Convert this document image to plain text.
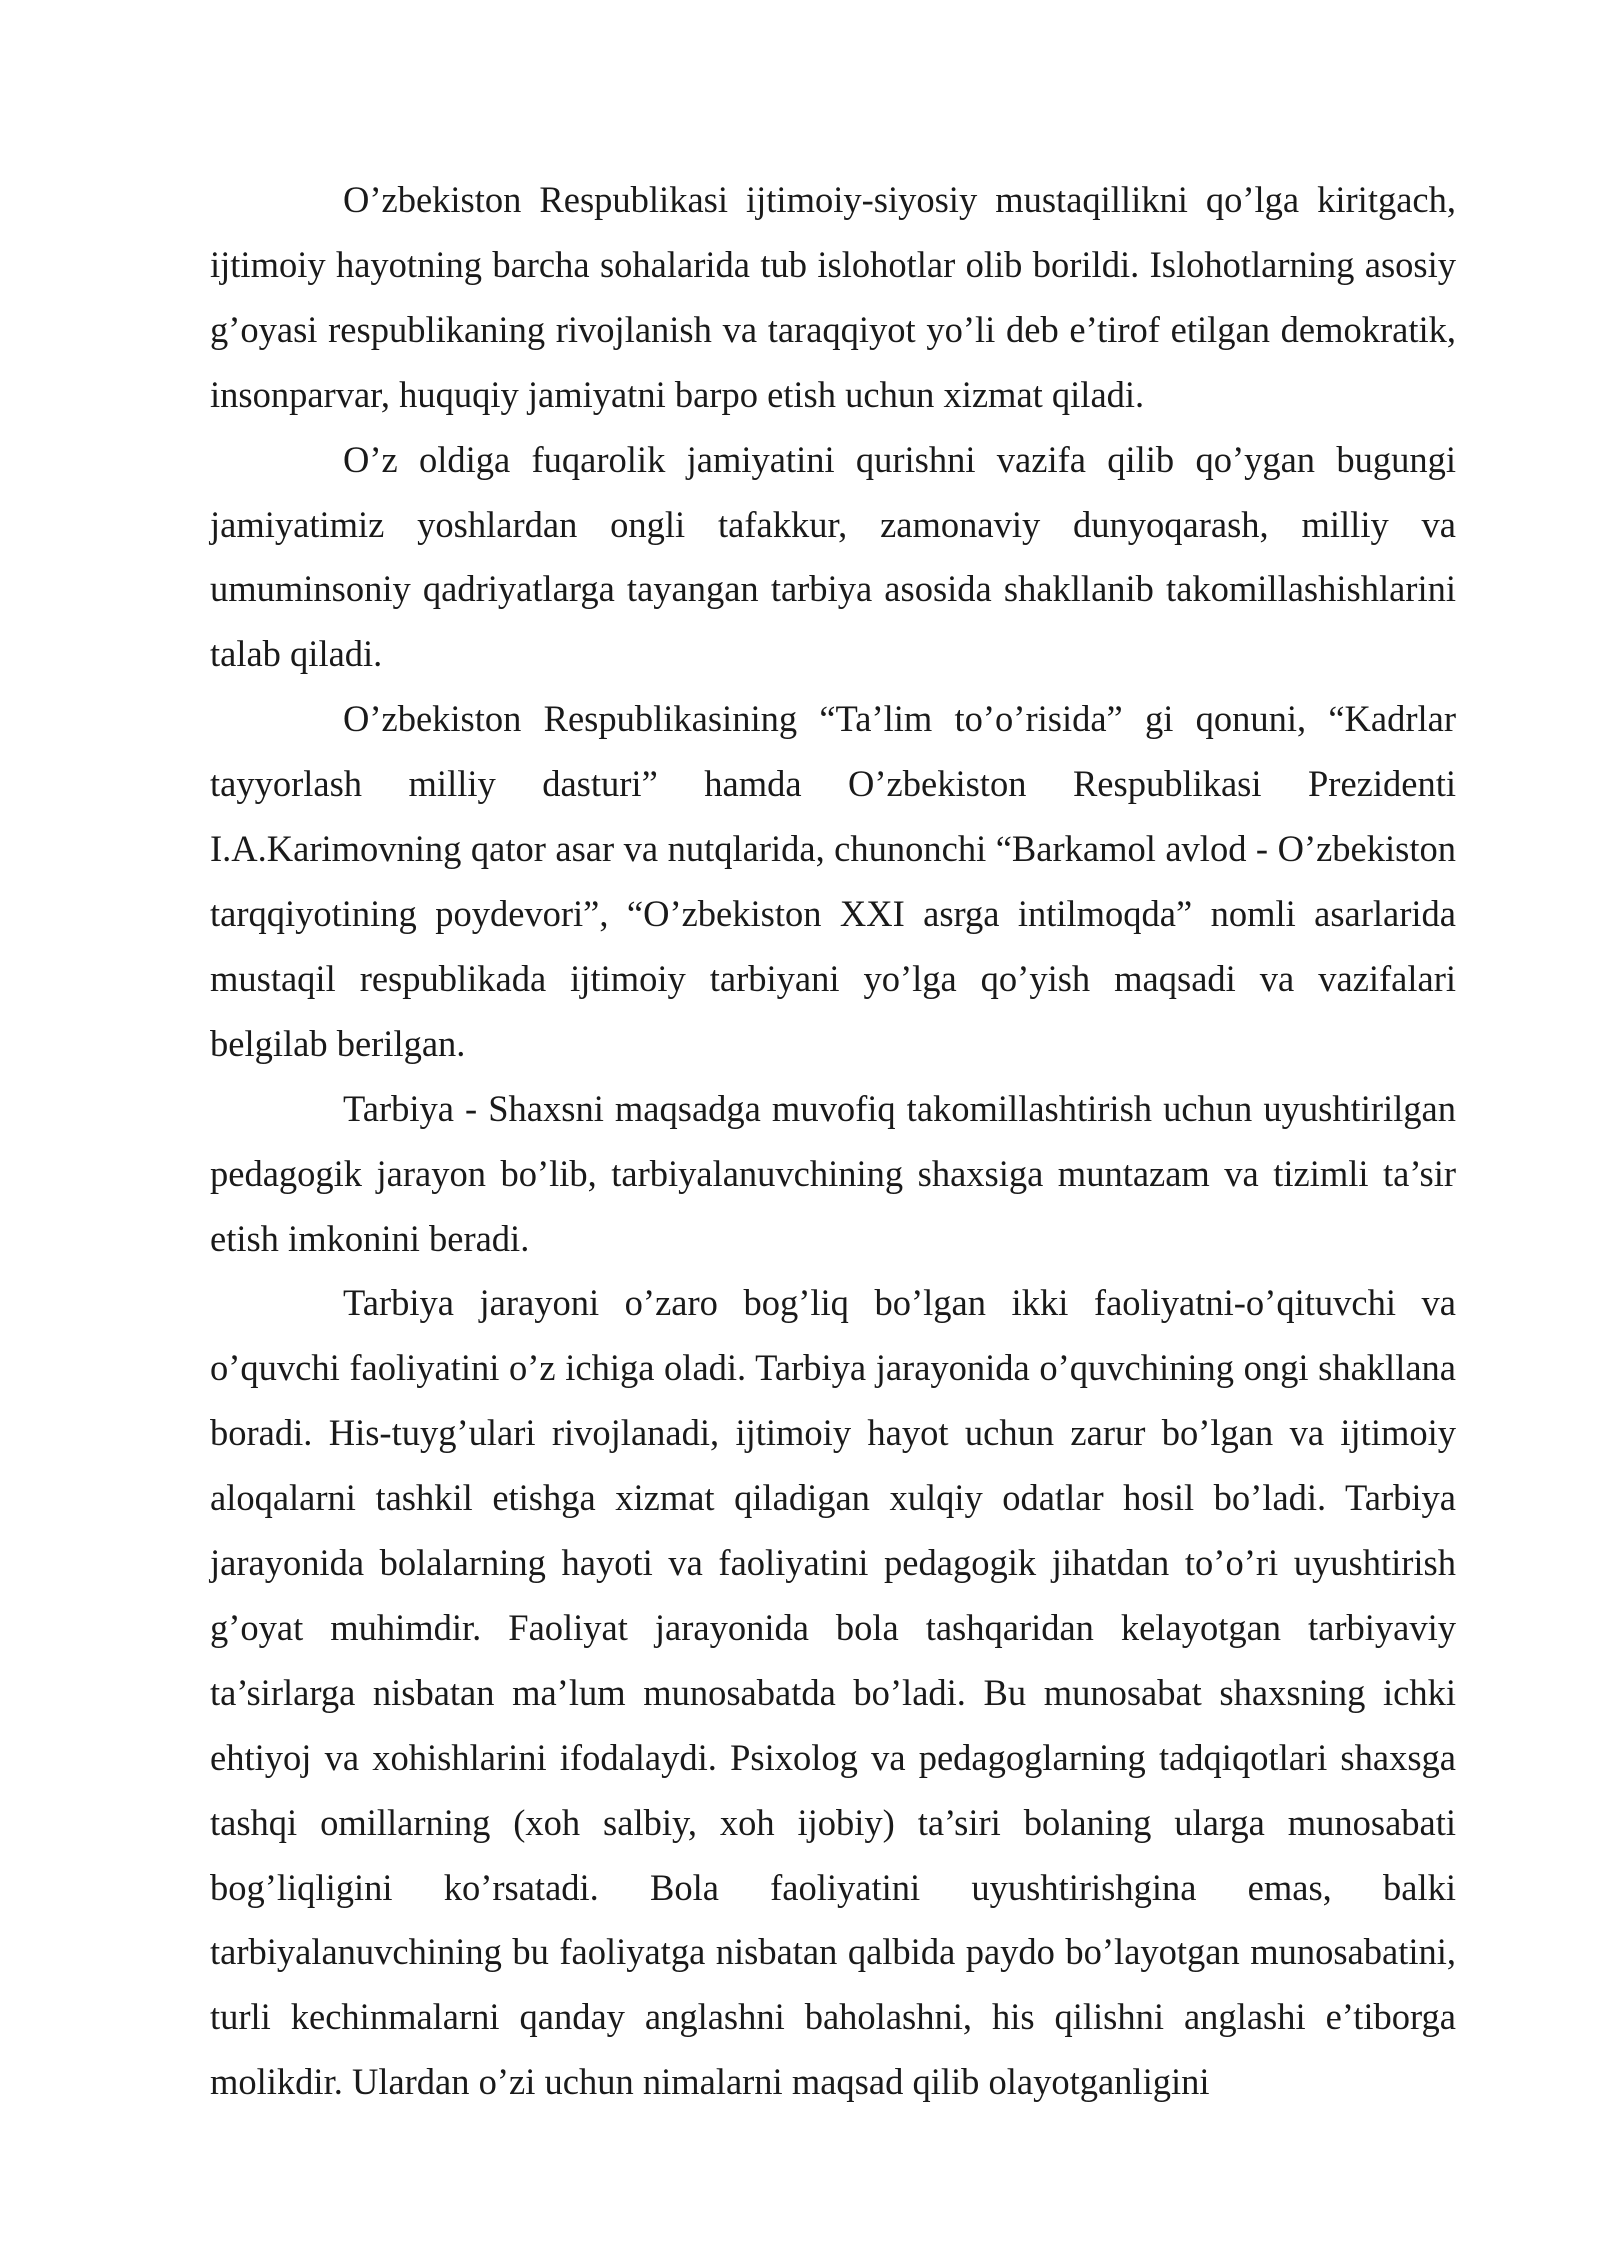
O’zbekiston Respublikasi ijtimoiy-siyosiy mustaqillikni qo’lga kiritgach, ijtimoiy hayotning barcha sohalarida tub islohotlar olib borildi. Islohotlarning asosiy g’oyasi respublikaning rivojlanish va taraqqiyot yo’li deb e’tirof etilgan demokratik, insonparvar, huquqiy jamiyatni barpo etish uchun xizmat qiladi.

O’z oldiga fuqarolik jamiyatini qurishni vazifa qilib qo’ygan bugungi jamiyatimiz yoshlardan ongli tafakkur, zamonaviy dunyoqarash, milliy va umuminsoniy qadriyatlarga tayangan tarbiya asosida shakllanib takomillashishlarini talab qiladi.

O’zbekiston Respublikasining “Ta’lim to’o’risida” gi qonuni, “Kadrlar tayyorlash milliy dasturi” hamda O’zbekiston Respublikasi Prezidenti I.A.Karimovning qator asar va nutqlarida, chunonchi “Barkamol avlod - O’zbekiston tarqqiyotining poydevori”, “O’zbekiston XXI asrga intilmoqda” nomli asarlarida mustaqil respublikada ijtimoiy tarbiyani yo’lga qo’yish maqsadi va vazifalari belgilab berilgan.

Tarbiya - Shaxsni maqsadga muvofiq takomillashtirish uchun uyushtirilgan pedagogik jarayon bo’lib, tarbiyalanuvchining shaxsiga muntazam va tizimli ta’sir etish imkonini beradi.

Tarbiya jarayoni o’zaro bog’liq bo’lgan ikki faoliyatni-o’qituvchi va o’quvchi faoliyatini o’z ichiga oladi. Tarbiya jarayonida o’quvchining ongi shakllana boradi. His-tuyg’ulari rivojlanadi, ijtimoiy hayot uchun zarur bo’lgan va ijtimoiy aloqalarni tashkil etishga xizmat qiladigan xulqiy odatlar hosil bo’ladi. Tarbiya jarayonida bolalarning hayoti va faoliyatini pedagogik jihatdan to’o’ri uyushtirish g’oyat muhimdir. Faoliyat jarayonida bola tashqaridan kelayotgan tarbiyaviy ta’sirlarga nisbatan ma’lum munosabatda bo’ladi. Bu munosabat shaxsning ichki ehtiyoj va xohishlarini ifodalaydi. Psixolog va pedagoglarning tadqiqotlari shaxsga tashqi omillarning (xoh salbiy, xoh ijobiy) ta’siri bolaning ularga munosabati bog’liqligini ko’rsatadi. Bola faoliyatini uyushtirishgina emas, balki tarbiyalanuvchining bu faoliyatga nisbatan qalbida paydo bo’layotgan munosabatini, turli kechinmalarni qanday anglashni baholashni, his qilishni anglashi e’tiborga molikdir. Ulardan o’zi uchun nimalarni maqsad qilib olayotganligini
